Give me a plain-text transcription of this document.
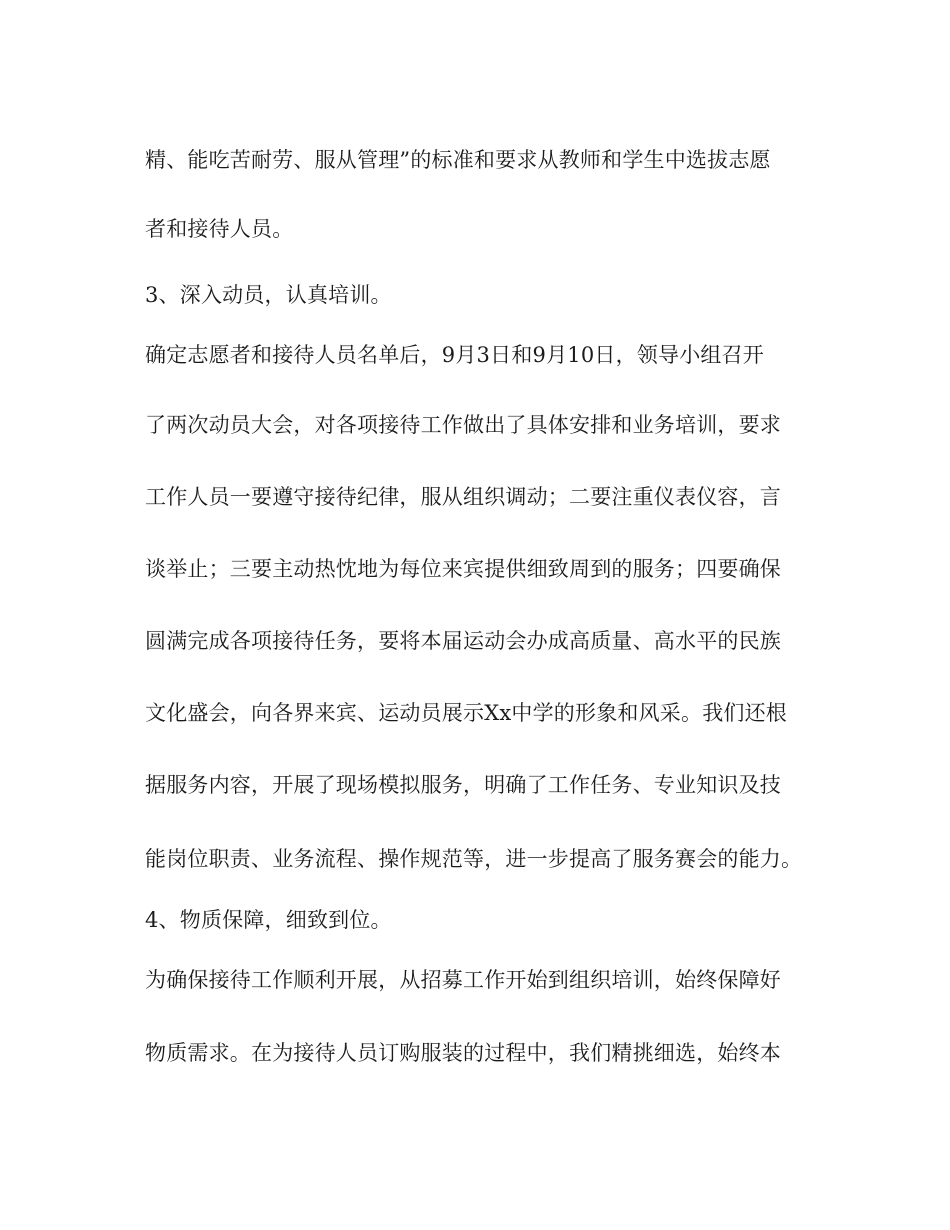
精、能吃苦耐劳、服从管理”的标准和要求从教师和学生中选拔志愿
者和接待人员。
3、深入动员，认真培训。
确定志愿者和接待人员名单后，9月3日和9月10日，领导小组召开
了两次动员大会，对各项接待工作做出了具体安排和业务培训，要求
工作人员一要遵守接待纪律，服从组织调动；二要注重仪表仪容，言
谈举止；三要主动热忱地为每位来宾提供细致周到的服务；四要确保
圆满完成各项接待任务，要将本届运动会办成高质量、高水平的民族
文化盛会，向各界来宾、运动员展示Xx中学的形象和风采。我们还根
据服务内容，开展了现场模拟服务，明确了工作任务、专业知识及技
能岗位职责、业务流程、操作规范等，进一步提高了服务赛会的能力。
4、物质保障，细致到位。
为确保接待工作顺利开展，从招募工作开始到组织培训，始终保障好
物质需求。在为接待人员订购服装的过程中，我们精挑细选，始终本
